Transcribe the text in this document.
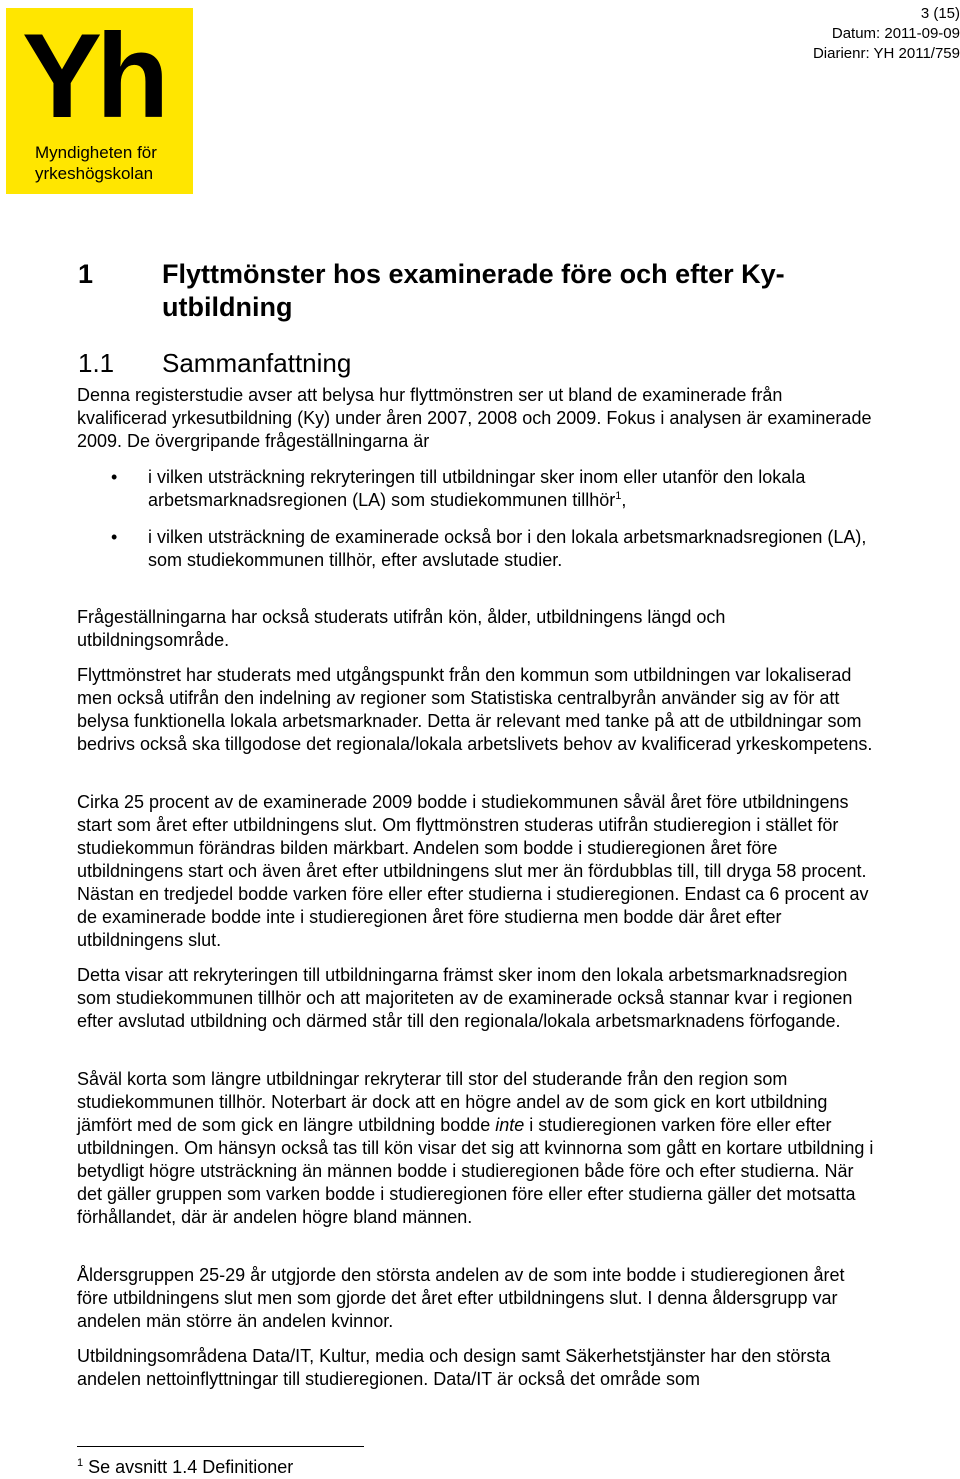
Yh
Myndigheten för
yrkeshögskolan
3 (15)
Datum: 2011-09-09
Diarienr: YH 2011/759
1	Flyttmönster hos examinerade före och efter Ky-utbildning
1.1 Sammanfattning
Denna registerstudie avser att belysa hur flyttmönstren ser ut bland de examinerade från kvalificerad yrkesutbildning (Ky) under åren 2007, 2008 och 2009. Fokus i analysen är examinerade 2009. De övergripande frågeställningarna är
• i vilken utsträckning rekryteringen till utbildningar sker inom eller utanför den lokala arbetsmarknadsregionen (LA) som studiekommunen tillhör$^1$,
• i vilken utsträckning de examinerade också bor i den lokala arbetsmarknadsregionen (LA), som studiekommunen tillhör, efter avslutade studier.
Frågeställningarna har också studerats utifrån kön, ålder, utbildningens längd och utbildningsområde.
Flyttmönstret har studerats med utgångspunkt från den kommun som utbildningen var lokaliserad men också utifrån den indelning av regioner som Statistiska centralbyrån använder sig av för att belysa funktionella lokala arbetsmarknader. Detta är relevant med tanke på att de utbildningar som bedrivs också ska tillgodose det regionala/lokala arbetslivets behov av kvalificerad yrkeskompetens.
Cirka 25 procent av de examinerade 2009 bodde i studiekommunen såväl året före utbildningens start som året efter utbildningens slut. Om flyttmönstren studeras utifrån studieregion i stället för studiekommun förändras bilden märkbart. Andelen som bodde i studieregionen året före utbildningens start och även året efter utbildningens slut mer än fördubblas till, till dryga 58 procent. Nästan en tredjedel bodde varken före eller efter studierna i studieregionen. Endast ca 6 procent av de examinerade bodde inte i studieregionen året före studierna men bodde där året efter utbildningens slut.
Detta visar att rekryteringen till utbildningarna främst sker inom den lokala arbetsmarknadsregion som studiekommunen tillhör och att majoriteten av de examinerade också stannar kvar i regionen efter avslutad utbildning och därmed står till den regionala/lokala arbetsmarknadens förfogande.
Såväl korta som längre utbildningar rekryterar till stor del studerande från den region som studiekommunen tillhör. Noterbart är dock att en högre andel av de som gick en kort utbildning jämfört med de som gick en längre utbildning bodde inte i studieregionen varken före eller efter utbildningen. Om hänsyn också tas till kön visar det sig att kvinnorna som gått en kortare utbildning i betydligt högre utsträckning än männen bodde i studieregionen både före och efter studierna. När det gäller gruppen som varken bodde i studieregionen före eller efter studierna gäller det motsatta förhållandet, där är andelen högre bland männen.
Åldersgruppen 25-29 år utgjorde den största andelen av de som inte bodde i studieregionen året före utbildningens slut men som gjorde det året efter utbildningens slut. I denna åldersgrupp var andelen män större än andelen kvinnor.
Utbildningsområdena Data/IT, Kultur, media och design samt Säkerhetstjänster har den största andelen nettoinflyttningar till studieregionen. Data/IT är också det område som
$^1$ Se avsnitt 1.4 Definitioner
